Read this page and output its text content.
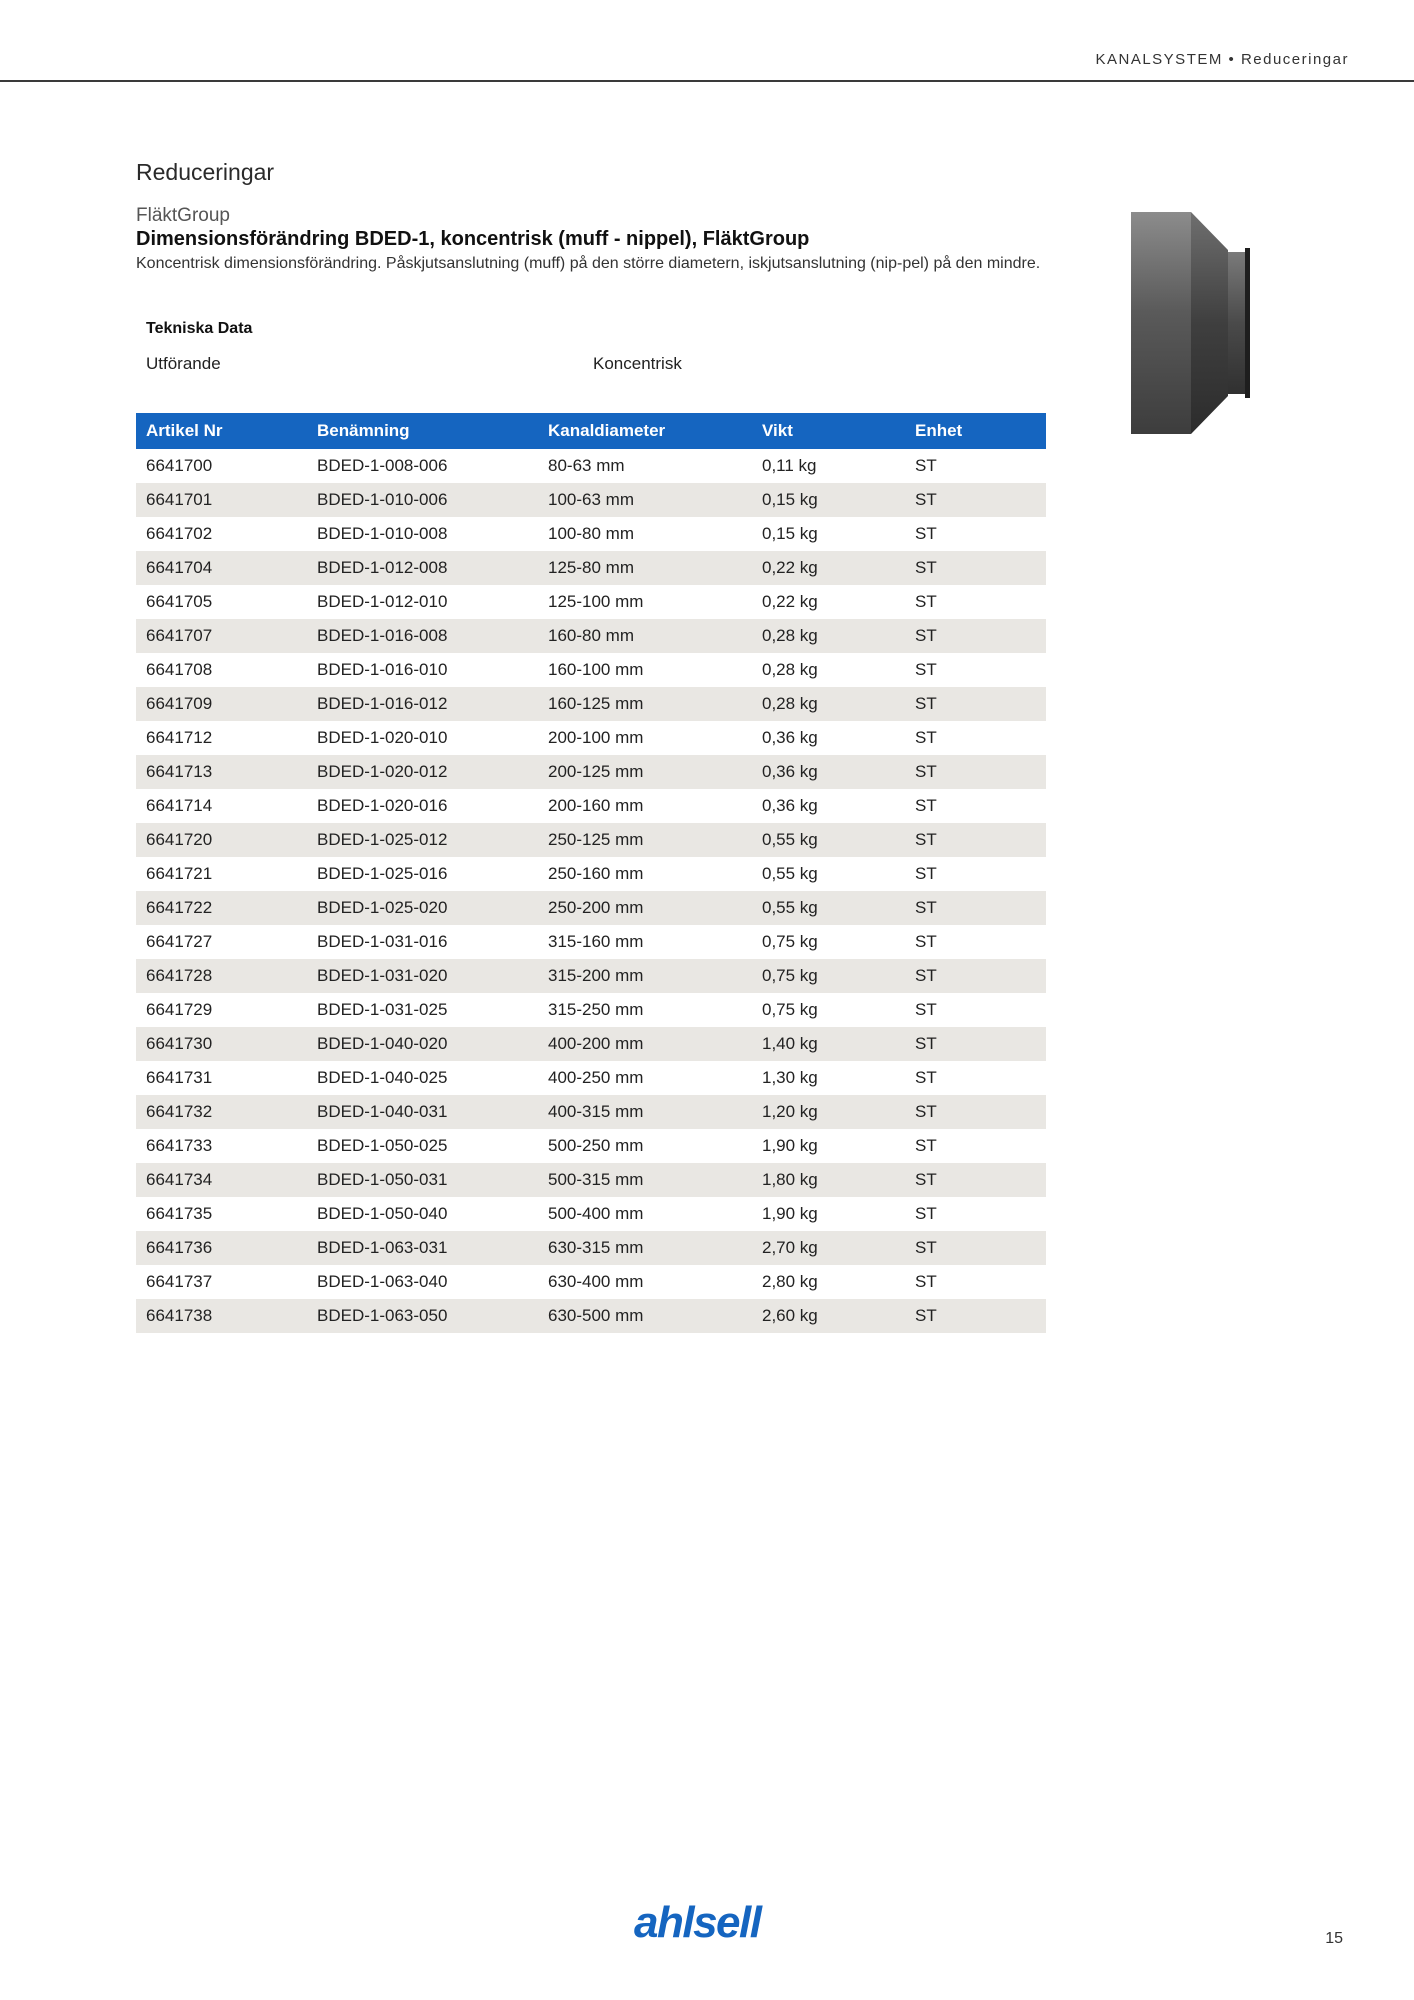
KANALSYSTEM • Reduceringar
Reduceringar
FläktGroup
Dimensionsförändring BDED-1, koncentrisk (muff - nippel), FläktGroup
Koncentrisk dimensionsförändring. Påskjutsanslutning (muff) på den större diametern, iskjutsanslutning (nip-pel) på den mindre.
Tekniska Data
Utförande	Koncentrisk
Artikel Nr	Benämning	Kanaldiameter	Vikt	Enhet
6641700	BDED-1-008-006	80-63 mm	0,11 kg	ST
6641701	BDED-1-010-006	100-63 mm	0,15 kg	ST
6641702	BDED-1-010-008	100-80 mm	0,15 kg	ST
6641704	BDED-1-012-008	125-80 mm	0,22 kg	ST
6641705	BDED-1-012-010	125-100 mm	0,22 kg	ST
6641707	BDED-1-016-008	160-80 mm	0,28 kg	ST
6641708	BDED-1-016-010	160-100 mm	0,28 kg	ST
6641709	BDED-1-016-012	160-125 mm	0,28 kg	ST
6641712	BDED-1-020-010	200-100 mm	0,36 kg	ST
6641713	BDED-1-020-012	200-125 mm	0,36 kg	ST
6641714	BDED-1-020-016	200-160 mm	0,36 kg	ST
6641720	BDED-1-025-012	250-125 mm	0,55 kg	ST
6641721	BDED-1-025-016	250-160 mm	0,55 kg	ST
6641722	BDED-1-025-020	250-200 mm	0,55 kg	ST
6641727	BDED-1-031-016	315-160 mm	0,75 kg	ST
6641728	BDED-1-031-020	315-200 mm	0,75 kg	ST
6641729	BDED-1-031-025	315-250 mm	0,75 kg	ST
6641730	BDED-1-040-020	400-200 mm	1,40 kg	ST
6641731	BDED-1-040-025	400-250 mm	1,30 kg	ST
6641732	BDED-1-040-031	400-315 mm	1,20 kg	ST
6641733	BDED-1-050-025	500-250 mm	1,90 kg	ST
6641734	BDED-1-050-031	500-315 mm	1,80 kg	ST
6641735	BDED-1-050-040	500-400 mm	1,90 kg	ST
6641736	BDED-1-063-031	630-315 mm	2,70 kg	ST
6641737	BDED-1-063-040	630-400 mm	2,80 kg	ST
6641738	BDED-1-063-050	630-500 mm	2,60 kg	ST
ahlsell	15
